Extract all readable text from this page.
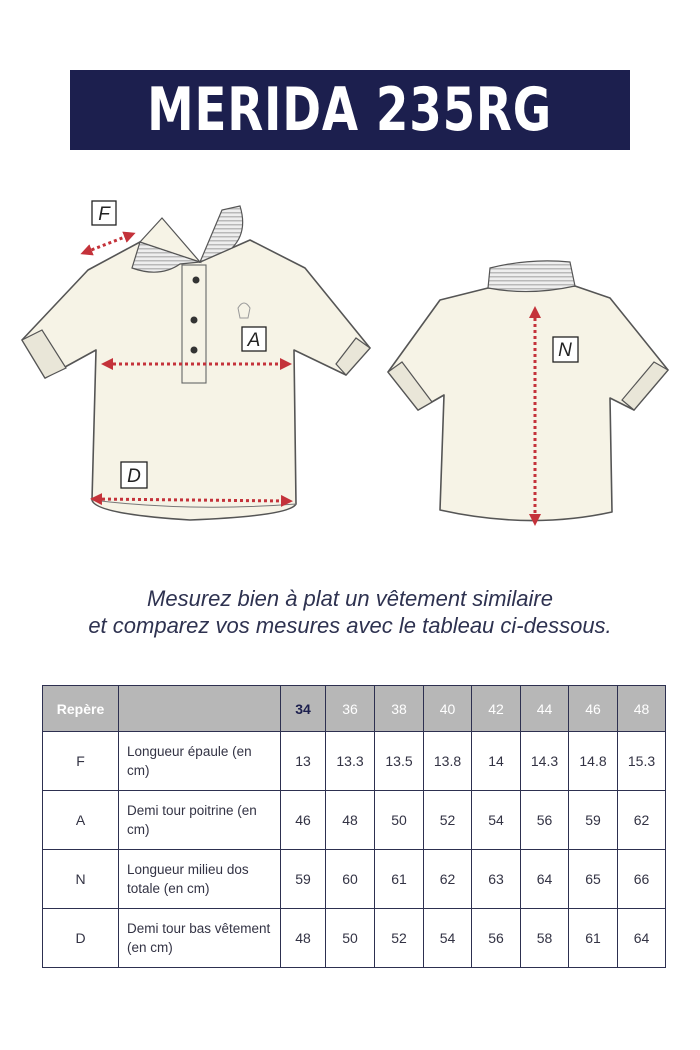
MERIDA 235RG
F
A
D
N
Mesurez bien à plat un vêtement similaire
et comparez vos mesures avec le tableau ci-dessous.
Repère		34	36	38	40	42	44	46	48
F	Longueur épaule (en cm)	13	13.3	13.5	13.8	14	14.3	14.8	15.3
A	Demi tour poitrine (en cm)	46	48	50	52	54	56	59	62
N	Longueur milieu dos totale (en cm)	59	60	61	62	63	64	65	66
D	Demi tour bas vêtement (en cm)	48	50	52	54	56	58	61	64
